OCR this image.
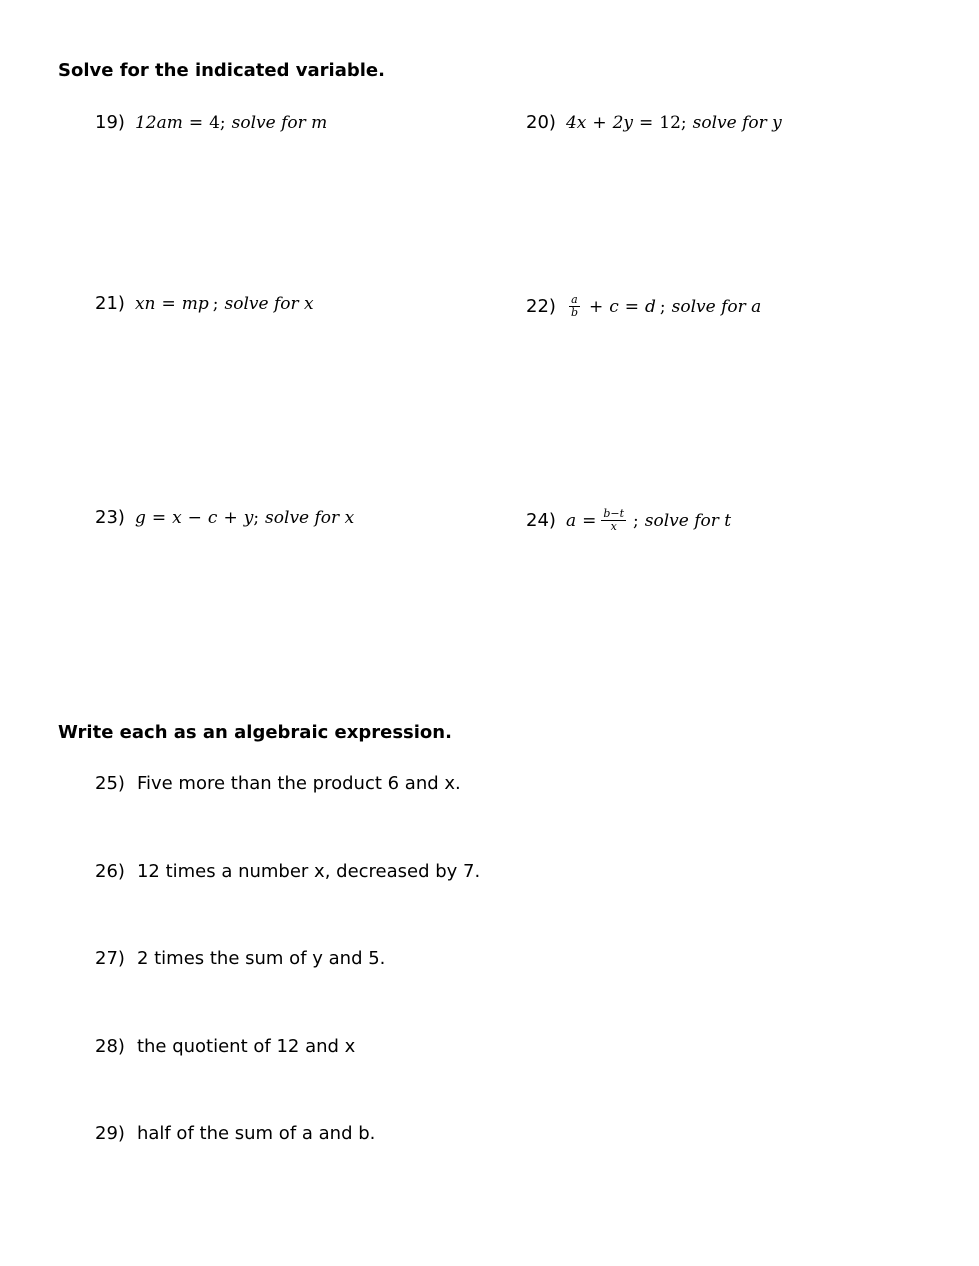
Solve for the indicated variable.
19) 12am = 4 ; solve for m	20) 4x + 2y = 12 ; solve for y
21) xn = mp ; solve for x	$22) \frac{a}{b} + c = d$ ; solve for a
23) g = x − c + y ; solve for x	24) $a = \frac{b-t}{x}$ ; solve for t
Write each as an algebraic expression.
25) Five more than the product 6 and x.
26) 12 times a number x, decreased by 7.
27) 2 times the sum of y and 5.
28) the quotient of 12 and x
29) half of the sum of a and b.
